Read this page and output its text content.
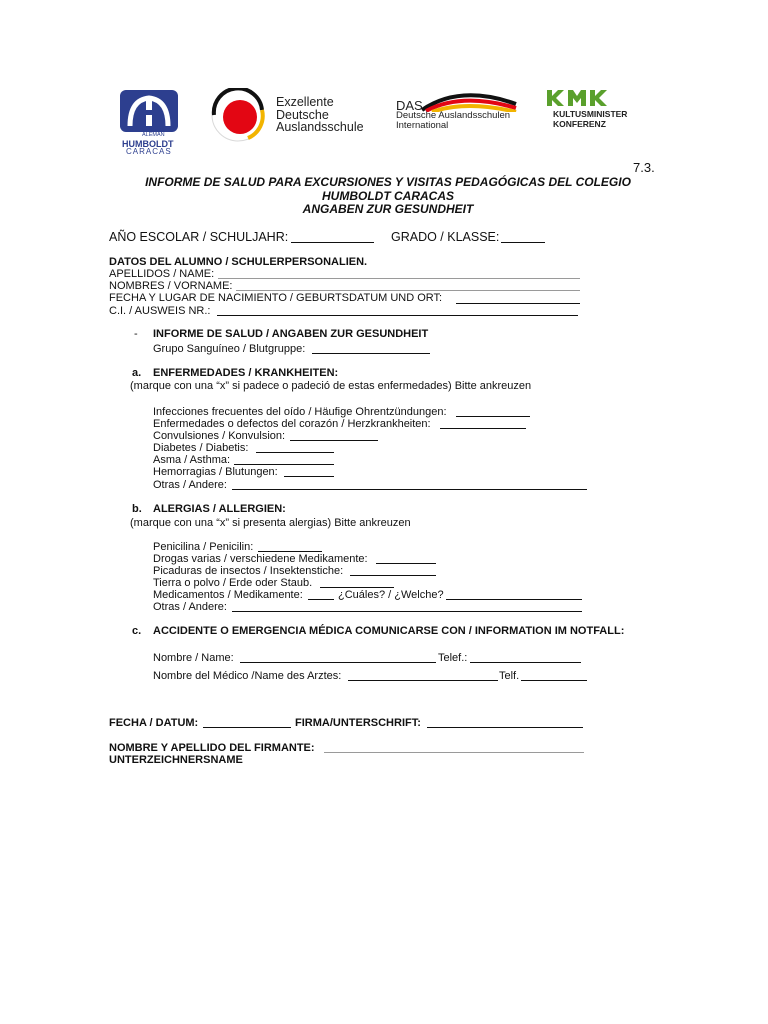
COLEGIO
ALEMÁN
HUMBOLDT
CARACAS
Exzellente
Deutsche
Auslandsschule
DAS
Deutsche Auslandsschulen
International
KULTUSMINISTER
KONFERENZ
7.3.
INFORME DE SALUD PARA EXCURSIONES Y VISITAS PEDAGÓGICAS DEL COLEGIO
HUMBOLDT CARACAS
ANGABEN ZUR GESUNDHEIT
AÑO ESCOLAR / SCHULJAHR:	GRADO / KLASSE:
DATOS DEL ALUMNO / SCHULERPERSONALIEN.
APELLIDOS / NAME:
NOMBRES / VORNAME:
FECHA Y LUGAR DE NACIMIENTO / GEBURTSDATUM UND ORT:
C.I. / AUSWEIS NR.:
- INFORME DE SALUD / ANGABEN ZUR GESUNDHEIT
Grupo Sanguíneo / Blutgruppe:
a. ENFERMEDADES / KRANKHEITEN:
(marque con una “x” si padece o padeció de estas enfermedades) Bitte ankreuzen
Infecciones frecuentes del oído / Häufige Ohrentzündungen:
Enfermedades o defectos del corazón / Herzkrankheiten:
Convulsiones / Konvulsion:
Diabetes / Diabetis:
Asma / Asthma:
Hemorragias / Blutungen:
Otras / Andere:
b. ALERGIAS / ALLERGIEN:
(marque con una “x” si presenta alergias) Bitte ankreuzen
Penicilina / Penicilin:
Drogas varias / verschiedene Medikamente:
Picaduras de insectos / Insektenstiche:
Tierra o polvo / Erde oder Staub.
Medicamentos / Medikamente:	¿Cuáles? / ¿Welche?
Otras / Andere:
c. ACCIDENTE O EMERGENCIA MÉDICA COMUNICARSE CON / INFORMATION IM NOTFALL:
Nombre / Name:	Telef.:
Nombre del Médico /Name des Arztes:	Telf.
FECHA / DATUM:	FIRMA/UNTERSCHRIFT:
NOMBRE Y APELLIDO DEL FIRMANTE:
UNTERZEICHNERSNAME
